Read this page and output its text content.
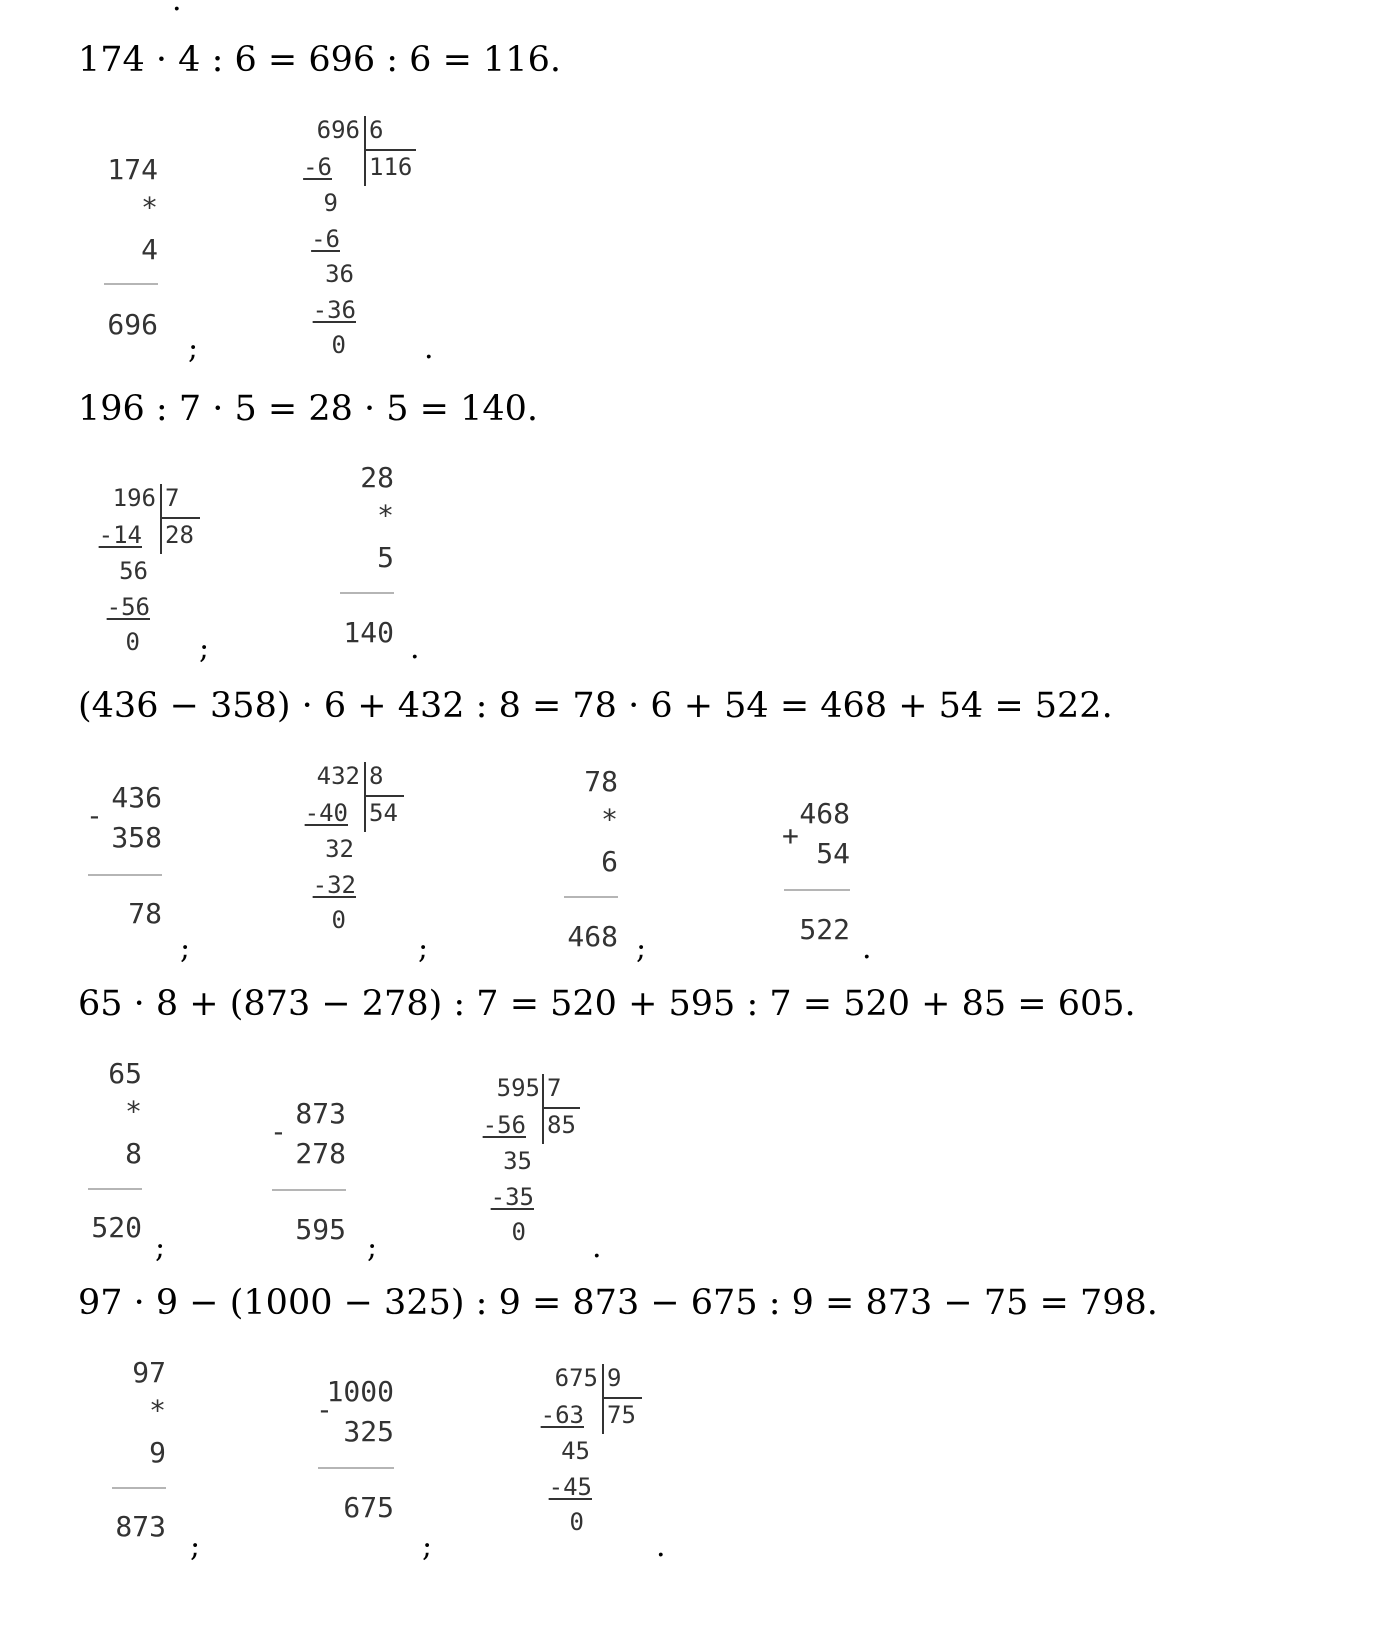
.

174 · 4 : 6 = 696 : 6 = 116.

174
*
4
696
;
696 6
116
-6
9
-6
36
-36
0	.

196 : 7 · 5 = 28 · 5 = 140.

196 7
28
-14
56
-56
0 ;
28
*
5
140 .

(436 − 358) · 6 + 432 : 8 = 78 · 6 + 54 = 468 + 54 = 522.

436
-
358
78
;
432 8
54
-40
32
-32
0
;
78
*
6
468 ;
468
+
54
522
.

65 · 8 + (873 − 278) : 7 = 520 + 595 : 7 = 520 + 85 = 605.

65
*
8
520
;
873
-
278
595
;
595 7
85
-56
35
-35
0 .

97 · 9 − (1000 − 325) : 9 = 873 − 675 : 9 = 873 − 75 = 798.

97
*
9
873
;
1000
-
325
675
;
675 9
75
-63
45
-45
0
.
